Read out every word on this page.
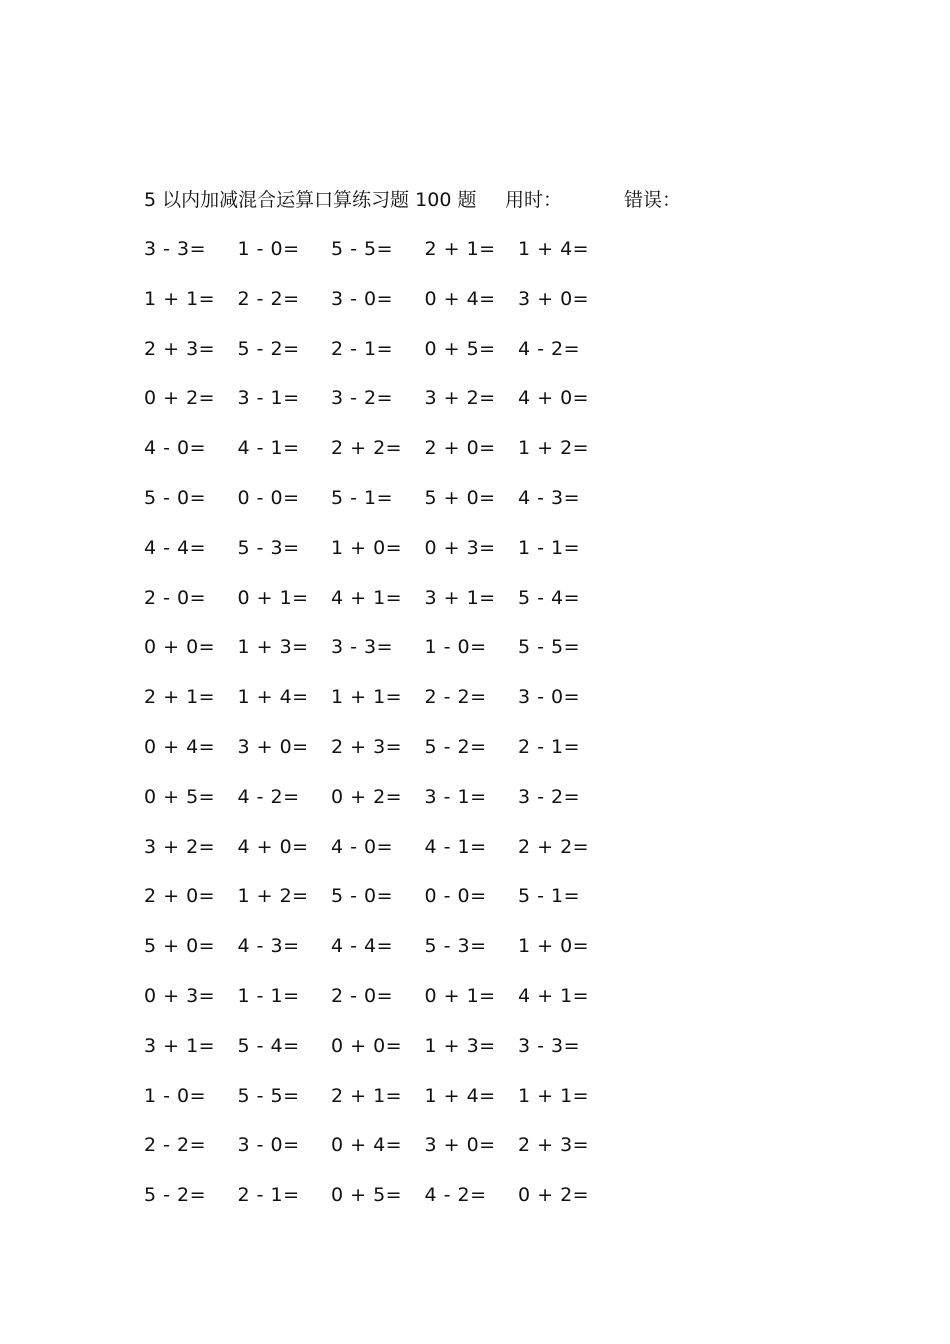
5 以内加减混合运算口算练习题 100 题 用时：	错误：
3 - 3= 1 - 0= 5 - 5= 2 + 1= 1 + 4=
1 + 1= 2 - 2= 3 - 0= 0 + 4= 3 + 0=
2 + 3= 5 - 2= 2 - 1= 0 + 5= 4 - 2=
0 + 2= 3 - 1= 3 - 2= 3 + 2= 4 + 0=
4 - 0= 4 - 1= 2 + 2= 2 + 0= 1 + 2=
5 - 0= 0 - 0= 5 - 1= 5 + 0= 4 - 3=
4 - 4= 5 - 3= 1 + 0= 0 + 3= 1 - 1=
2 - 0= 0 + 1= 4 + 1= 3 + 1= 5 - 4=
0 + 0= 1 + 3= 3 - 3= 1 - 0= 5 - 5=
2 + 1= 1 + 4= 1 + 1= 2 - 2= 3 - 0=
0 + 4= 3 + 0= 2 + 3= 5 - 2= 2 - 1=
0 + 5= 4 - 2= 0 + 2= 3 - 1= 3 - 2=
3 + 2= 4 + 0= 4 - 0= 4 - 1= 2 + 2=
2 + 0= 1 + 2= 5 - 0= 0 - 0= 5 - 1=
5 + 0= 4 - 3= 4 - 4= 5 - 3= 1 + 0=
0 + 3= 1 - 1= 2 - 0= 0 + 1= 4 + 1=
3 + 1= 5 - 4= 0 + 0= 1 + 3= 3 - 3=
1 - 0= 5 - 5= 2 + 1= 1 + 4= 1 + 1=
2 - 2= 3 - 0= 0 + 4= 3 + 0= 2 + 3=
5 - 2= 2 - 1= 0 + 5= 4 - 2= 0 + 2=
